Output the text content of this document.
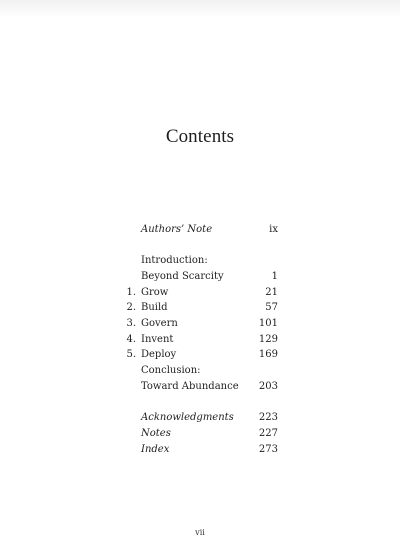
Contents
Authors’ Note	ix
Introduction:
Beyond Scarcity	1
1. Grow	21
2. Build	57
3. Govern	101
4. Invent	129
5. Deploy	169
Conclusion:
Toward Abundance 203
Acknowledgments	223
Notes	227
Index	273
vii
